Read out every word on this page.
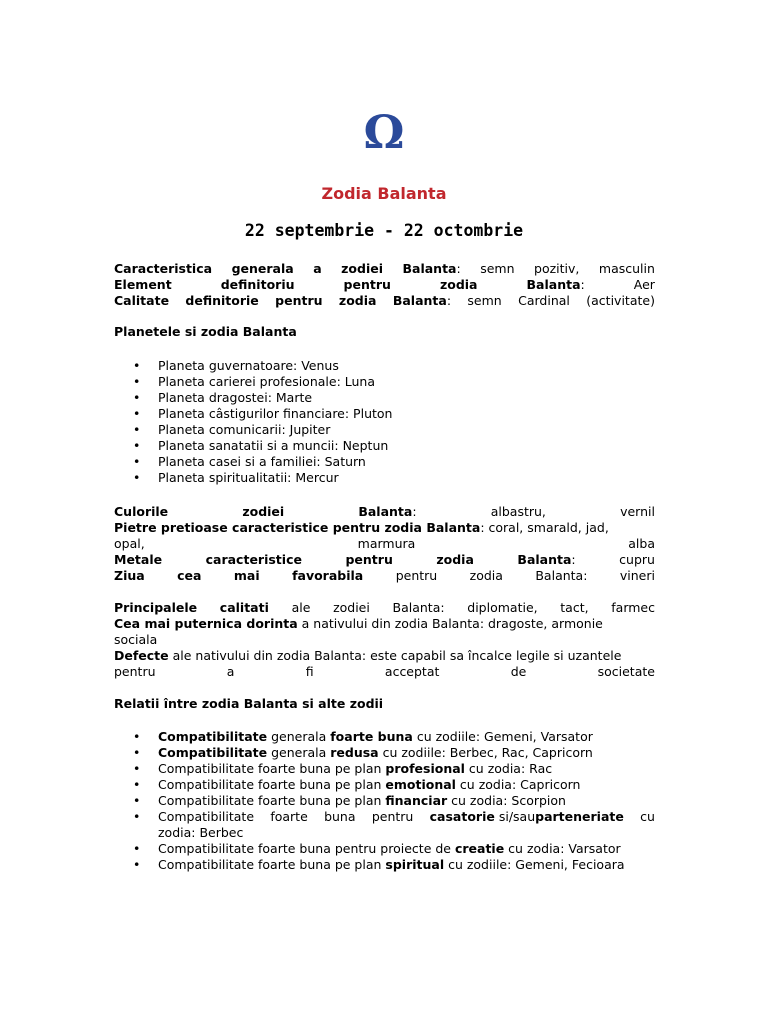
Ω
Zodia Balanta
22 septembrie - 22 octombrie
Caracteristica generala a zodiei Balanta: semn pozitiv, masculin
Element	definitoriu	pentru	zodia	Balanta:	Aer
Calitate definitorie pentru zodia Balanta: semn Cardinal (activitate)
Planetele si zodia Balanta
• Planeta guvernatoare: Venus
• Planeta carierei profesionale: Luna
• Planeta dragostei: Marte
• Planeta câstigurilor financiare: Pluton
• Planeta comunicarii: Jupiter
• Planeta sanatatii si a muncii: Neptun
• Planeta casei si a familiei: Saturn
• Planeta spiritualitatii: Mercur
Culorile	zodiei	Balanta:	albastru,	vernil
Pietre pretioase caracteristice pentru zodia Balanta: coral, smarald, jad,
opal,	marmura	alba
Metale	caracteristice	pentru	zodia	Balanta:	cupru
Ziua	cea	mai	favorabila	pentru	zodia	Balanta:	vineri
Principalele calitati ale zodiei Balanta: diplomatie, tact, farmec
Cea mai puternica dorinta a nativului din zodia Balanta: dragoste, armonie
sociala
Defecte ale nativului din zodia Balanta: este capabil sa încalce legile si uzantele
pentru	a	fi	acceptat	de	societate
Relatii între zodia Balanta si alte zodii
• Compatibilitate generala foarte buna cu zodiile: Gemeni, Varsator
• Compatibilitate generala redusa cu zodiile: Berbec, Rac, Capricorn
• Compatibilitate foarte buna pe plan profesional cu zodia: Rac
• Compatibilitate foarte buna pe plan emotional cu zodia: Capricorn
• Compatibilitate foarte buna pe plan financiar cu zodia: Scorpion
• Compatibilitate foarte buna pentru casatorie si/sauparteneriate cu
zodia: Berbec
• Compatibilitate foarte buna pentru proiecte de creatie cu zodia: Varsator
• Compatibilitate foarte buna pe plan spiritual cu zodiile: Gemeni, Fecioara
